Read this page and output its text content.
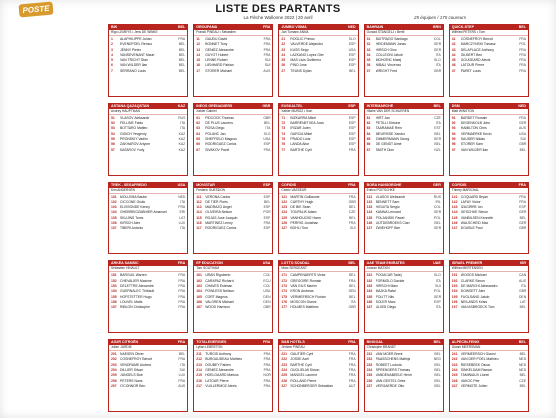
POSTE	LISTE DES PARTANTS
La Flèche Wallonne 2022 | 20 avril	25 équipes / 175 coureurs
BIK	BEL
Rigo LEMEYS • Jens DE WINKE
1	ALAPHILIPPE Julian	FRA
2	EVENEPOEL Remco	BEL
3	JENNY Pieter	BEL
4	VANSEVENANT Mauri	BEL
5	VAN TRICHT Stan	BEL
6	VAN WILDER Ilan	BEL
7	SERRANO Louis	BEL
GROUPAMA	FRA
Franck PINEAU • Sebastien
11	GAUDU David	FRA
12	BONNET Tony	FRA
13	GENIEZ Alexandre	FRA
14	GUYOT Hubert	FRA
15	LENNE Robert	SUI
16	LIENHARD Fabian	SUI
17	STORER Michael	AUS
JUMBO VISMA	NED
Jan Tumann ANNA
21	ROGLIC Primoz	SLO
22	VALVERDE Alejandro	ESP
23	KUSS Sepp	USA
24	LAZKANO Lopez Oier	ESP
25	MAS Lluis Guillermo	ESP
26	PINO Jose	ESP
27	TEUNS Dylan	BEL
BAHRAIN	BRN
Gorazd STANGELJ • Bertil
31	BUITRAGO Santiago	COL
32	HEIDEMANN Jonas	GER
33	HIRSCH Gino	GER
34	COLLEONI Jakob	ITA
35	MOHORIC Matej	SLO
36	NIBALI Vincenzo	ITA
37	WRIGHT Fred	GBR
QUICK-STEP	BEL
Wilfried PETERS • Tom
41	COSNEFROY Benoit	FRA
42	MARCZYNSKI Tomasz	POL
43	DELAPLACE Anthony	FRA
44	GILBERT Ben	FRA
45	GOUGEARD Alexis	FRA
46	LATOUR Pierre	FRA
47	PARET Louis	FRA
ASTANA QAZAQSTAN	KAZ
Andrey HAUPTMAN
51	VLASOV Aleksandr	RUS
52	FELLINE Fabio	ITA
53	BOTTARO Matteo	ITA
54	GIDICH Yevgeniy	KAZ
55	PRONSKIY Vadim	KAZ
56	ZAKHAROV Artyom	KAZ
57	NATAROV Yuriy	KAZ
INEOS GRENADIERS	GBR
Xabier Gabriel
61	PIDCOCK Thomas	GBR
62	DE PLUS Laurens	BEL
63	ROSA Diego	ITA
64	POLANC Jan	SLO
65	SHEFFIELD Magnus	USA
66	RODRIGUEZ Carlos	ESP
67	SIVAKOV Pavel	FRA
EUSKALTEL	ESP
Xabier MUÑOZ • Ibon
71	BIZKARRA Mikel	ESP
72	BARRENETXEA Joan	ESP
73	IRIZAR Julen	ESP
74	GARCIA Mikel	ESP
75	PRADO Lluis	ESP
76	LANDA Aitor	ESP
77	BARTHE Cyril	FRA
INTERMARCHÉ	BEL
Hilaire VAN DER SCHUEREN
81	HIRT Jan	CZE
82	PETILLI Simone	ITA
83	TAARAMAE Rein	EST
84	MEURISSE Xandro	BEL
85	ZIMMERMANN Georg	GER
86	DE GENDT Aimé	BEL
87	SMITH Dion	NZL
DSM	NED
Matt WINSTON
91	BARDET Romain	FRA
92	DEGENKOLB John	GER
93	HAMILTON Chris	AUS
94	VERMAERKE Kevin	USA
95	SAUSER Nikias	SUI
96	STORER Sam	GBR
97	VAN WILDER Ilan	BEL
TREK - SEGAFREDO	USA
Kim ANDERSEN
101 MOLLEMA Bauke	NED
102 CICCONE Giulio	ITA
103 ELISSONDE Kenny	FRA
104 GHEBREIGZABHIER Amanuel	ERI
105 SKUJINS Toms	LAT
106 KIRSCH Alex	LUX
107 TIBERI Antonio	ITA
MOVISTAR	ESP
Frederic GUESDON
111	VERONA Carlos	ESP
112	DE TIER Floris	BEL
113	MADRAZO Angel	ESP
114	OLIVEIRA Nelson	POR
115	ROJAS José Joaquin	ESP
116	MARTINEZ Lenny	FRA
117	RODRIGUEZ Carlos	ESP
COFIDIS	FRA
Cédric VASSEUR
121 MARTIN Guillaume	FRA
122 CARTHY Hugh	GBR
123 DE BIE Sean	BEL
124 TOUPALIK Adam	CZE
125 VANHOUCKE Harm	BEL
126 PERRIG Jonathan	FRA
127 BOHLI Tom	SUI
BORA HANSGROHE	GER
Enrico POITSCHKE
131 VLASOV Aleksandr	RUS
132 BENNETT Sam	IRL
133 HIGUITA Sergio	COL
134 KAMNA Lennard	GER
135 POLJANSKI Pawel	POL
136 UIJTDEBROEKS Cian	BEL
137 ZWIEHOFF Ben	GER
COFIDIS	FRA
Thierry MARICHAL
141 COQUARD Bryan	FRA
142 LAFAY Victor	FRA
143 IZAGIRRE Ion	ESP
144 GESCHKE Simon	GER
145 VANBILSEN Kenneth	BEL
146 WALSCHEID Max	GER
147 DOUBLE Paul	GBR
ARKÉA SAMSIC	FRA
Sébastien HINAULT
151 BARGUIL Warren	FRA
152 CHEVALIER Maxime	FRA
153 DELETTRE Alexandre	FRA
154 GUERNALEC Thibault	FRA
155 HOFSTETTER Hugo	FRA
156 LOUVEL Matis	FRA
157 RIBLON Christophe	FRA
EF EDUCATION	USA
Tom SOUTHAM
161 URAN Rigoberto	COL
162 CARAPAZ Richard	ECU
163 CHAVES Esteban	COL
164 POWLESS Neilson	USA
165 CORT Magnus	DEN
166 VALGREN Michael	DEN
167 WOOD Harrison	GBR
LOTTO SOUDAL	BEL
Marc SERGEANT
171 CAMPENAERTS Victor	BEL
172 GREGOIRE Romain	FRA
173 VAN GILS Maxim	BEL
174 KRON Andreas	DEN
175 VERMEERSCH Florian	BEL
176 MOSCON Gianni	ITA
177 HOLMES Matthew	GBR
UAE TEAM EMIRATES	UAE
Joxean MATXIN
181 POGACAR Tadej	SLO
182 FORMOLO Davide	ITA
183 HIRSCHI Marc	SUI
184 MAJKA Rafal	POL
185 POLITT Nils	GER
186 SOLER Marc	ESP
187 ULISSI Diego	ITA
ISRAEL PREMIER	ISR
Wilfried BERTENSEN
191 WOODS Michael	CAN
192 CLARKE Simon	AUS
193 DE MARCHI Alessandro	ITA
194 DOWSETT Alex	GBR
195 FUGLSANG Jakob	DEN
196 NEILANDS Krists	LAT
197 VAN ASBROECK Tom	BEL
AG2R CITROËN	FRA
Julien JURDIE
201 NAESEN Oliver	BEL
202 COSNEFROY Benoit	FRA
203 VENDRAME Andrea	ITA
204 DILLIER Silvan	SUI
205 JUNGELS Bob	LUX
206 PETERS Nans	FRA
207 O'CONNOR Ben	AUS
TOTALENERGIES	FRA
Lylian LEBRETON
211	TURGIS Anthony	FRA
212 BURGAUDEAU Mathieu	FRA
213 DOUBEY Fabien	FRA
214 GENIEZ Alexandre	FRA
215 HOELGAARD Markus	NOR
216 LATOUR Pierre	FRA
217 VUILLERMOZ Alexis	FRA
B&B HOTELS	FRA
Jérôme PINEAU
221 GAUTIER Cyril	FRA
222 JOSSE Axel	FRA
223 BARTHE Cyril	FRA
224 GUGLIELMI Simon	FRA
225 MANGEL Laurent	FRA
226 ROLLAND Pierre	FRA
227 SCHONBERGER Sebastian	AUT
BINGOAL	BEL
Christophe BRANDT
231 VAN MOER Brent	BEL
232 PAASSCHENS Mathijs	NED
233 ROBEET Ludovic	BEL
234 SPRENGERS Thomas	BEL
235 VANDENABEELE Henri	BEL
236 VAN GESTEL Dries	BEL
237 VERGAERDE Otto	BEL
ALPECIN-FENIX	BEL
Gianni MEERSMAN
241 VERMEERSCH Gianni	BEL
242 VAN DER POEL Mathieu	NED
243 RIESEBEEK Oscar	NED
244 SINKELDAM Ramon	NED
245 TAMINIAUX Lionel	BEL
246 VAKOC Petr	CZE
247 VERMOTE Julien	BEL
